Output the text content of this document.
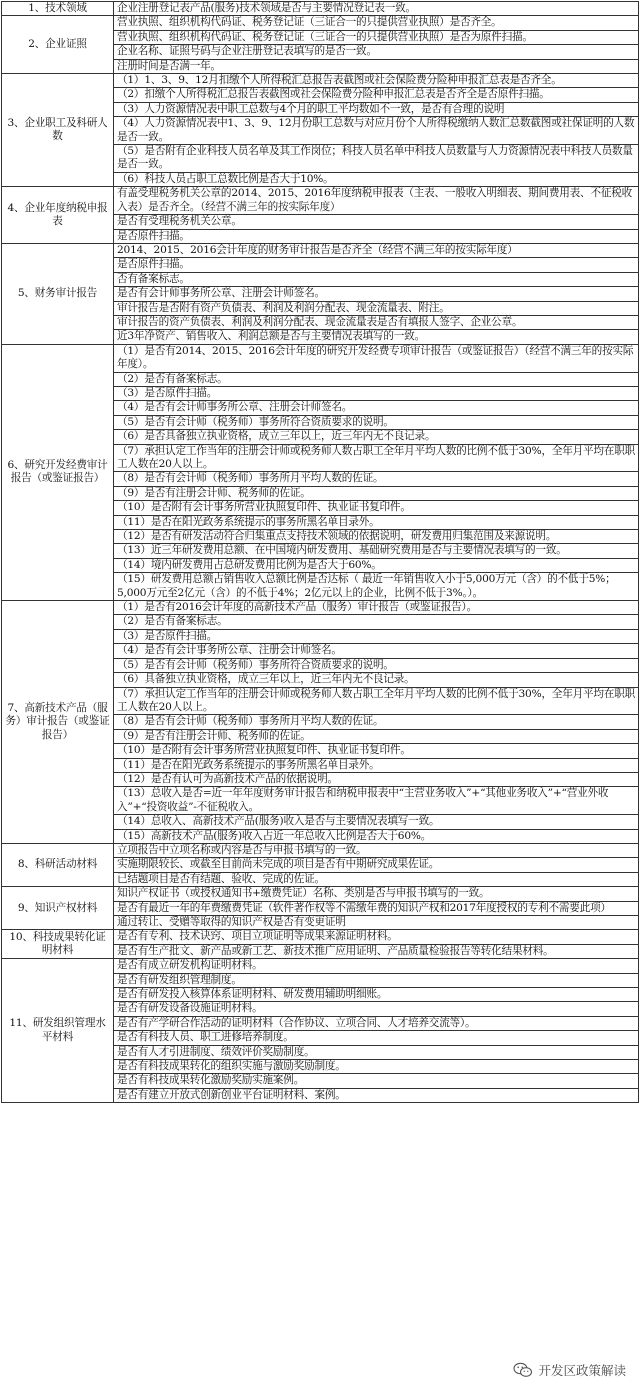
1、技术领域	企业注册登记表产品(服务)技术领域是否与主要情况登记表一致。
2、企业证照	营业执照、组织机构代码证、税务登记证（三证合一的只提供营业执照）是否齐全。
	营业执照、组织机构代码证、税务登记证（三证合一的只提供营业执照）是否为原件扫描。
	企业名称、证照号码与企业注册登记表填写的是否一致。
	注册时间是否满一年。
3、企业职工及科研人数	（1）1、3、9、12月扣缴个人所得税汇总报告表截图或社会保险费分险种申报汇总表是否齐全。
	（2）扣缴个人所得税汇总报告表截图或社会保险费分险种申报汇总表是否齐全是否原件扫描。
	（3）人力资源情况表中职工总数与4个月的职工平均数如不一致，是否有合理的说明
	（4）人力资源情况表中1、3、9、12月份职工总数与对应月份个人所得税缴纳人数汇总数截图或社保证明的人数是否一致。
	（5）是否附有企业科技人员名单及其工作岗位；科技人员名单中科技人员数量与人力资源情况表中科技人员数量是否一致。
	（6）科技人员占职工总数比例是否大于10%。
4、企业年度纳税申报表	有盖受理税务机关公章的2014、2015、2016年度纳税申报表（主表、一般收入明细表、期间费用表、不征税收入表）是否齐全。（经营不满三年的按实际年度）
	是否有受理税务机关公章。
	是否原件扫描。
5、财务审计报告	2014、2015、2016会计年度的财务审计报告是否齐全（经营不满三年的按实际年度）
	是否原件扫描。
	否有备案标志。
	是否有会计师事务所公章、注册会计师签名。
	审计报告是否附有资产负债表、利润及利润分配表、现金流量表、附注。
	审计报告的资产负债表、利润及利润分配表、现金流量表是否有填报人签字、企业公章。
	近3年净资产、销售收入、利润总额是否与主要情况表填写的一致。
6、研究开发经费审计报告（或鉴证报告）	（1）是否有2014、2015、2016会计年度的研究开发经费专项审计报告（或鉴证报告）（经营不满三年的按实际年度）。
	（2）是否有备案标志。
	（3）是否原件扫描。
	（4）是否有会计师事务所公章、注册会计师签名。
	（5）是否有会计师（税务师）事务所符合资质要求的说明。
	（6）是否具备独立执业资格，成立三年以上，近三年内无不良记录。
	（7）承担认定工作当年的注册会计师或税务师人数占职工全年月平均人数的比例不低于30%，全年月平均在职职工人数在20人以上。
	（8）是否有会计师（税务师）事务所月平均人数的佐证。
	（9）是否有注册会计师、税务师的佐证。
	（10）是否附有会计事务所营业执照复印件、执业证书复印件。
	（11）是否在阳光政务系统提示的事务所黑名单目录外。
	（12）是否有研发活动符合归集重点支持技术领域的依据说明，研发费用归集范围及来源说明。
	（13）近三年研发费用总额、在中国境内研发费用、基础研究费用是否与主要情况表填写的一致。
	（14）境内研发费用占总研发费用比例为是否大于60%。
	（15）研发费用总额占销售收入总额比例是否达标（ 最近一年销售收入小于5,000万元（含）的不低于5%；5,000万元至2亿元（含）的不低于4%；2亿元以上的企业，比例不低于3%。）。
7、高新技术产品（服务）审计报告（或鉴证报告）	（1）是否有2016会计年度的高新技术产品（服务）审计报告（或鉴证报告）。
	（2）是否有备案标志。
	（3）是否原件扫描。
	（4）是否有会计事务所公章、注册会计师签名。
	（5）是否有会计师（税务师）事务所符合资质要求的说明。
	（6）具备独立执业资格，成立三年以上，近三年内无不良记录。
	（7）承担认定工作当年的注册会计师或税务师人数占职工全年月平均人数的比例不低于30%，全年月平均在职职工人数在20人以上。
	（8）是否有会计师（税务师）事务所月平均人数的佐证。
	（9）是否有注册会计师、税务师的佐证。
	（10）是否附有会计事务所营业执照复印件、执业证书复印件。
	（11）是否在阳光政务系统提示的事务所黑名单目录外。
	（12）是否有认可为高新技术产品的依据说明。
	（13）总收入是否=近一年年度财务审计报告和纳税申报表中“主营业务收入”+“其他业务收入”+“营业外收入”+“投资收益”-不征税收入。
	（14）总收入、高新技术产品(服务)收入是否与主要情况表填写一致。
	（15）高新技术产品(服务)收入占近一年总收入比例是否大于60%。
8、科研活动材料	立项报告中立项名称或内容是否与申报书填写的一致。
	实施期限较长、或截至目前尚未完成的项目是否有中期研究成果佐证。
	已结题项目是否有结题、验收、完成的佐证。
9、知识产权材料	知识产权证书（或授权通知书+缴费凭证）名称、类别是否与申报书填写的一致。
	是否有最近一年的年费缴费凭证（软件著作权等不需缴年费的知识产权和2017年度授权的专利不需要此项）
	通过转让、受赠等取得的知识产权是否有变更证明
10、科技成果转化证明材料	是否有专利、技术诀窍、项目立项证明等成果来源证明材料。
	是否有生产批文、新产品或新工艺、新技术推广应用证明、产品质量检验报告等转化结果材料。
11、研发组织管理水平材料	是否有成立研发机构证明材料。
	是否有研发组织管理制度。
	是否有研发投入核算体系证明材料、研发费用辅助明细账。
	是否有研发设备设施证明材料。
	是否有产学研合作活动的证明材料（合作协议、立项合同、人才培养交流等）。
	是否有科技人员、职工进修培养制度。
	是否有人才引进制度、绩效评价奖励制度。
	是否有科技成果转化的组织实施与激励奖励制度。
	是否有科技成果转化激励奖励实施案例。
	是否有建立开放式创新创业平台证明材料、案例。
开发区政策解读
